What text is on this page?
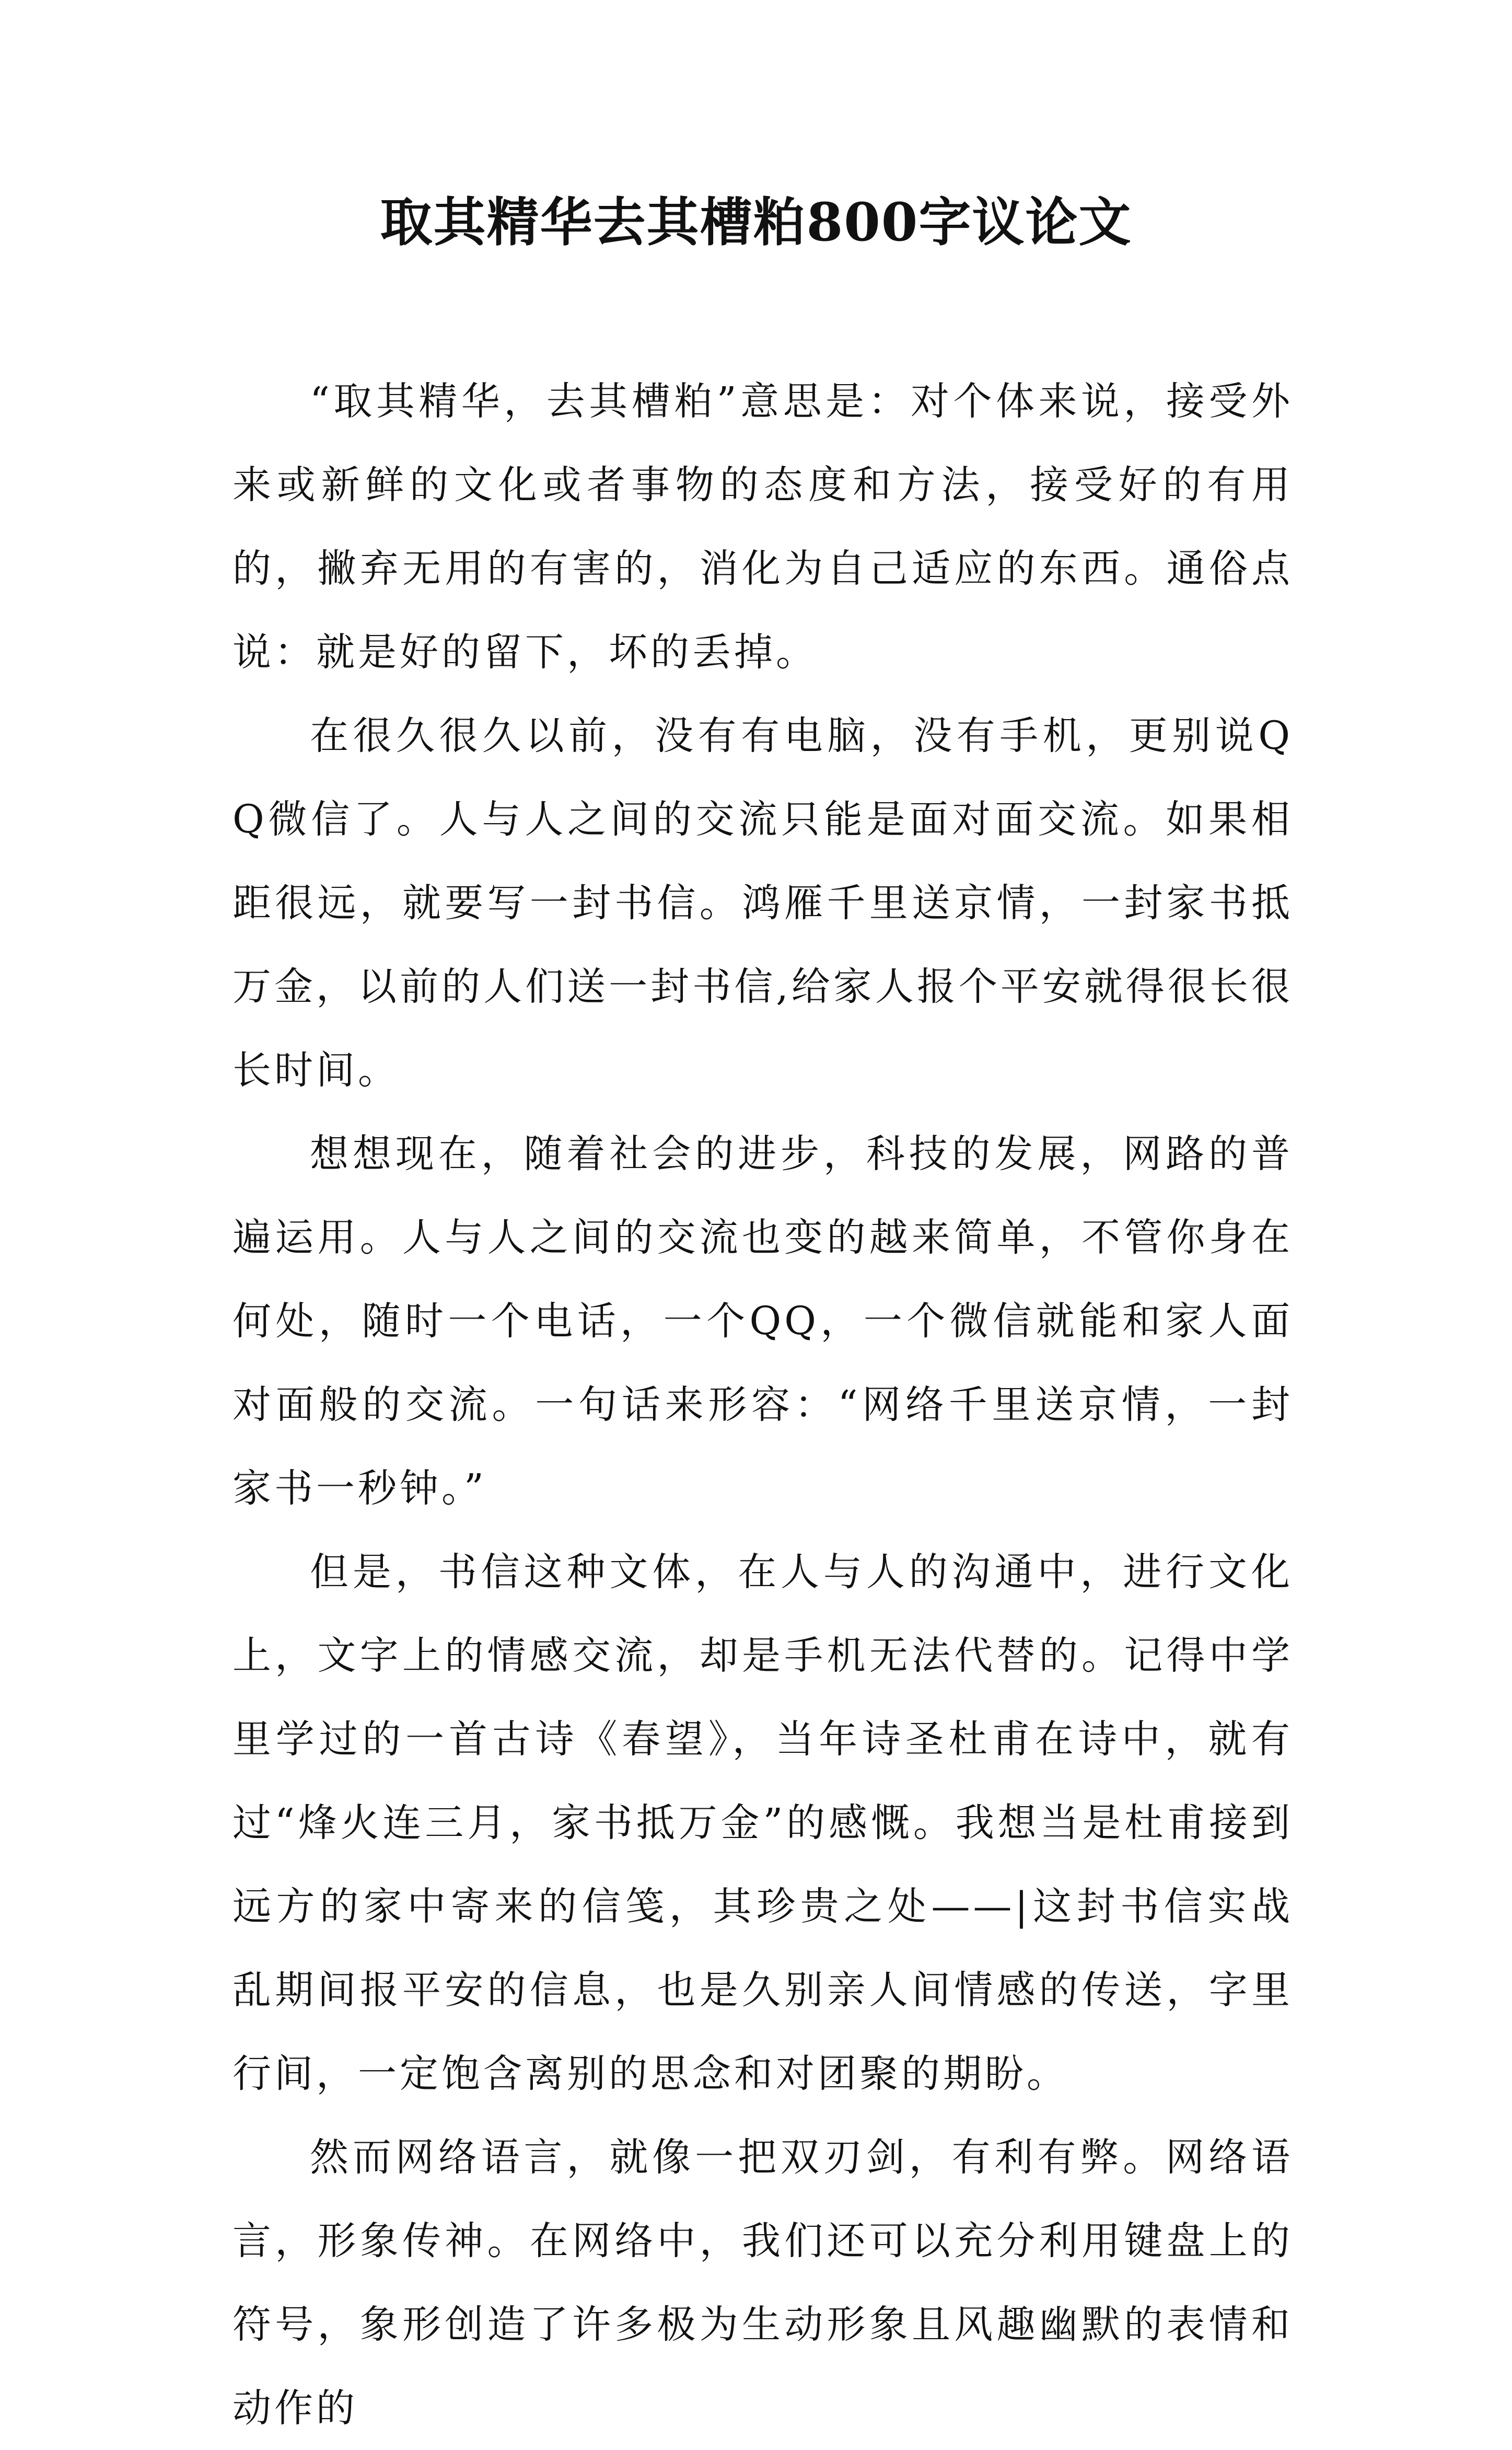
取其精华去其槽粕800字议论文

“取其精华，去其槽粕”意思是：对个体来说，接受外来或新鲜的文化或者事物的态度和方法，接受好的有用的，撇弃无用的有害的，消化为自己适应的东西。通俗点说：就是好的留下，坏的丢掉。

在很久很久以前，没有有电脑，没有手机，更别说QQ微信了。人与人之间的交流只能是面对面交流。如果相距很远，就要写一封书信。鸿雁千里送京情，一封家书抵万金，以前的人们送一封书信,给家人报个平安就得很长很长时间。

想想现在，随着社会的进步，科技的发展，网路的普遍运用。人与人之间的交流也变的越来简单，不管你身在何处，随时一个电话，一个QQ，一个微信就能和家人面对面般的交流。一句话来形容：“网络千里送京情，一封家书一秒钟。”

但是，书信这种文体，在人与人的沟通中，进行文化上，文字上的情感交流，却是手机无法代替的。记得中学里学过的一首古诗《春望》，当年诗圣杜甫在诗中，就有过“烽火连三月，家书抵万金”的感慨。我想当是杜甫接到远方的家中寄来的信笺，其珍贵之处——|这封书信实战乱期间报平安的信息，也是久别亲人间情感的传送，字里行间，一定饱含离别的思念和对团聚的期盼。

然而网络语言，就像一把双刃剑，有利有弊。网络语言，形象传神。在网络中，我们还可以充分利用键盘上的符号，象形创造了许多极为生动形象且风趣幽默的表情和动作的
